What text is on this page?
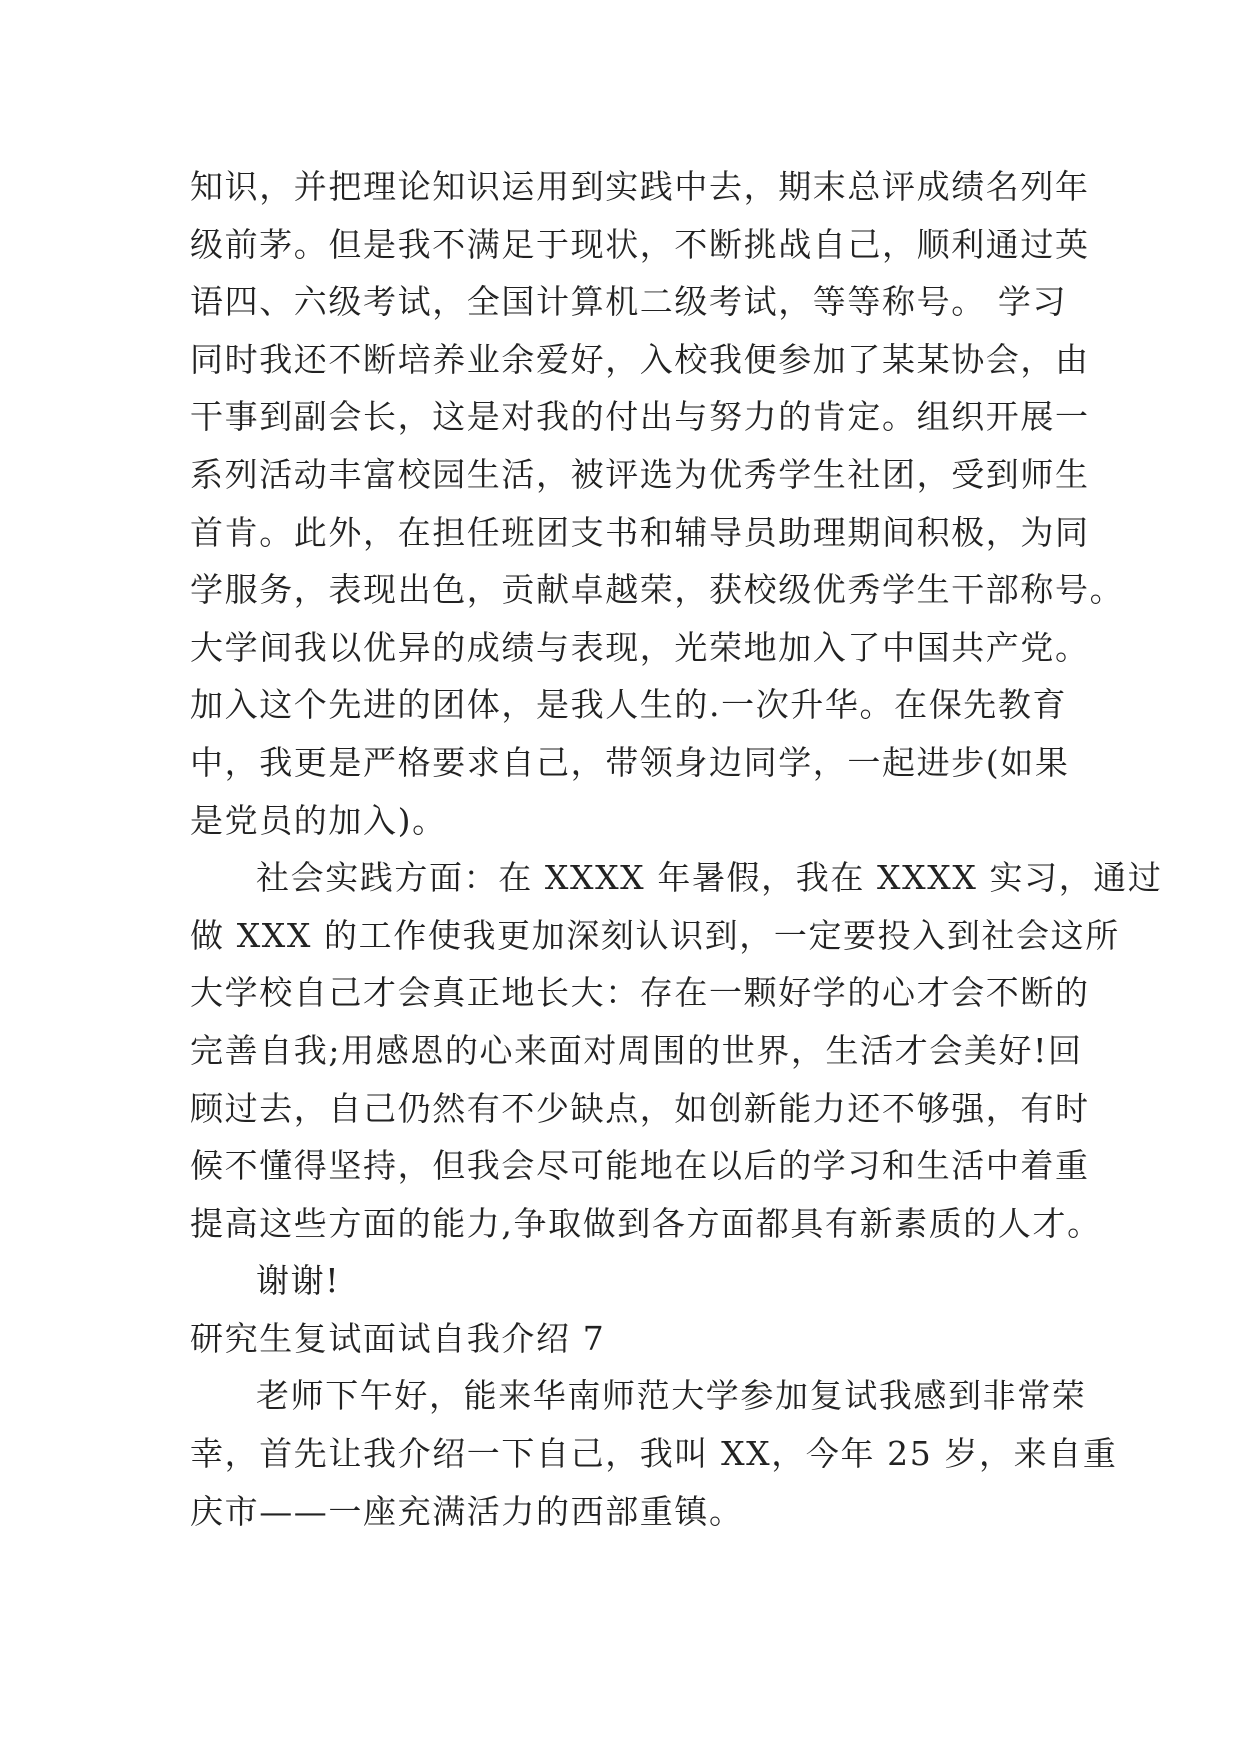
知识，并把理论知识运用到实践中去，期末总评成绩名列年
级前茅。但是我不满足于现状，不断挑战自己，顺利通过英
语四、六级考试，全国计算机二级考试，等等称号。 学习
同时我还不断培养业余爱好，入校我便参加了某某协会，由
干事到副会长，这是对我的付出与努力的肯定。组织开展一
系列活动丰富校园生活，被评选为优秀学生社团，受到师生
首肯。此外，在担任班团支书和辅导员助理期间积极，为同
学服务，表现出色，贡献卓越荣，获校级优秀学生干部称号。
大学间我以优异的成绩与表现，光荣地加入了中国共产党。
加入这个先进的团体，是我人生的.一次升华。在保先教育
中，我更是严格要求自己，带领身边同学，一起进步(如果
是党员的加入)。
社会实践方面：在 XXXX 年暑假，我在 XXXX 实习，通过
做 XXX 的工作使我更加深刻认识到，一定要投入到社会这所
大学校自己才会真正地长大：存在一颗好学的心才会不断的
完善自我;用感恩的心来面对周围的世界，生活才会美好!回
顾过去，自己仍然有不少缺点，如创新能力还不够强，有时
候不懂得坚持，但我会尽可能地在以后的学习和生活中着重
提高这些方面的能力,争取做到各方面都具有新素质的人才。
谢谢!
研究生复试面试自我介绍 7
老师下午好，能来华南师范大学参加复试我感到非常荣
幸，首先让我介绍一下自己，我叫 XX，今年 25 岁，来自重
庆市——一座充满活力的西部重镇。
